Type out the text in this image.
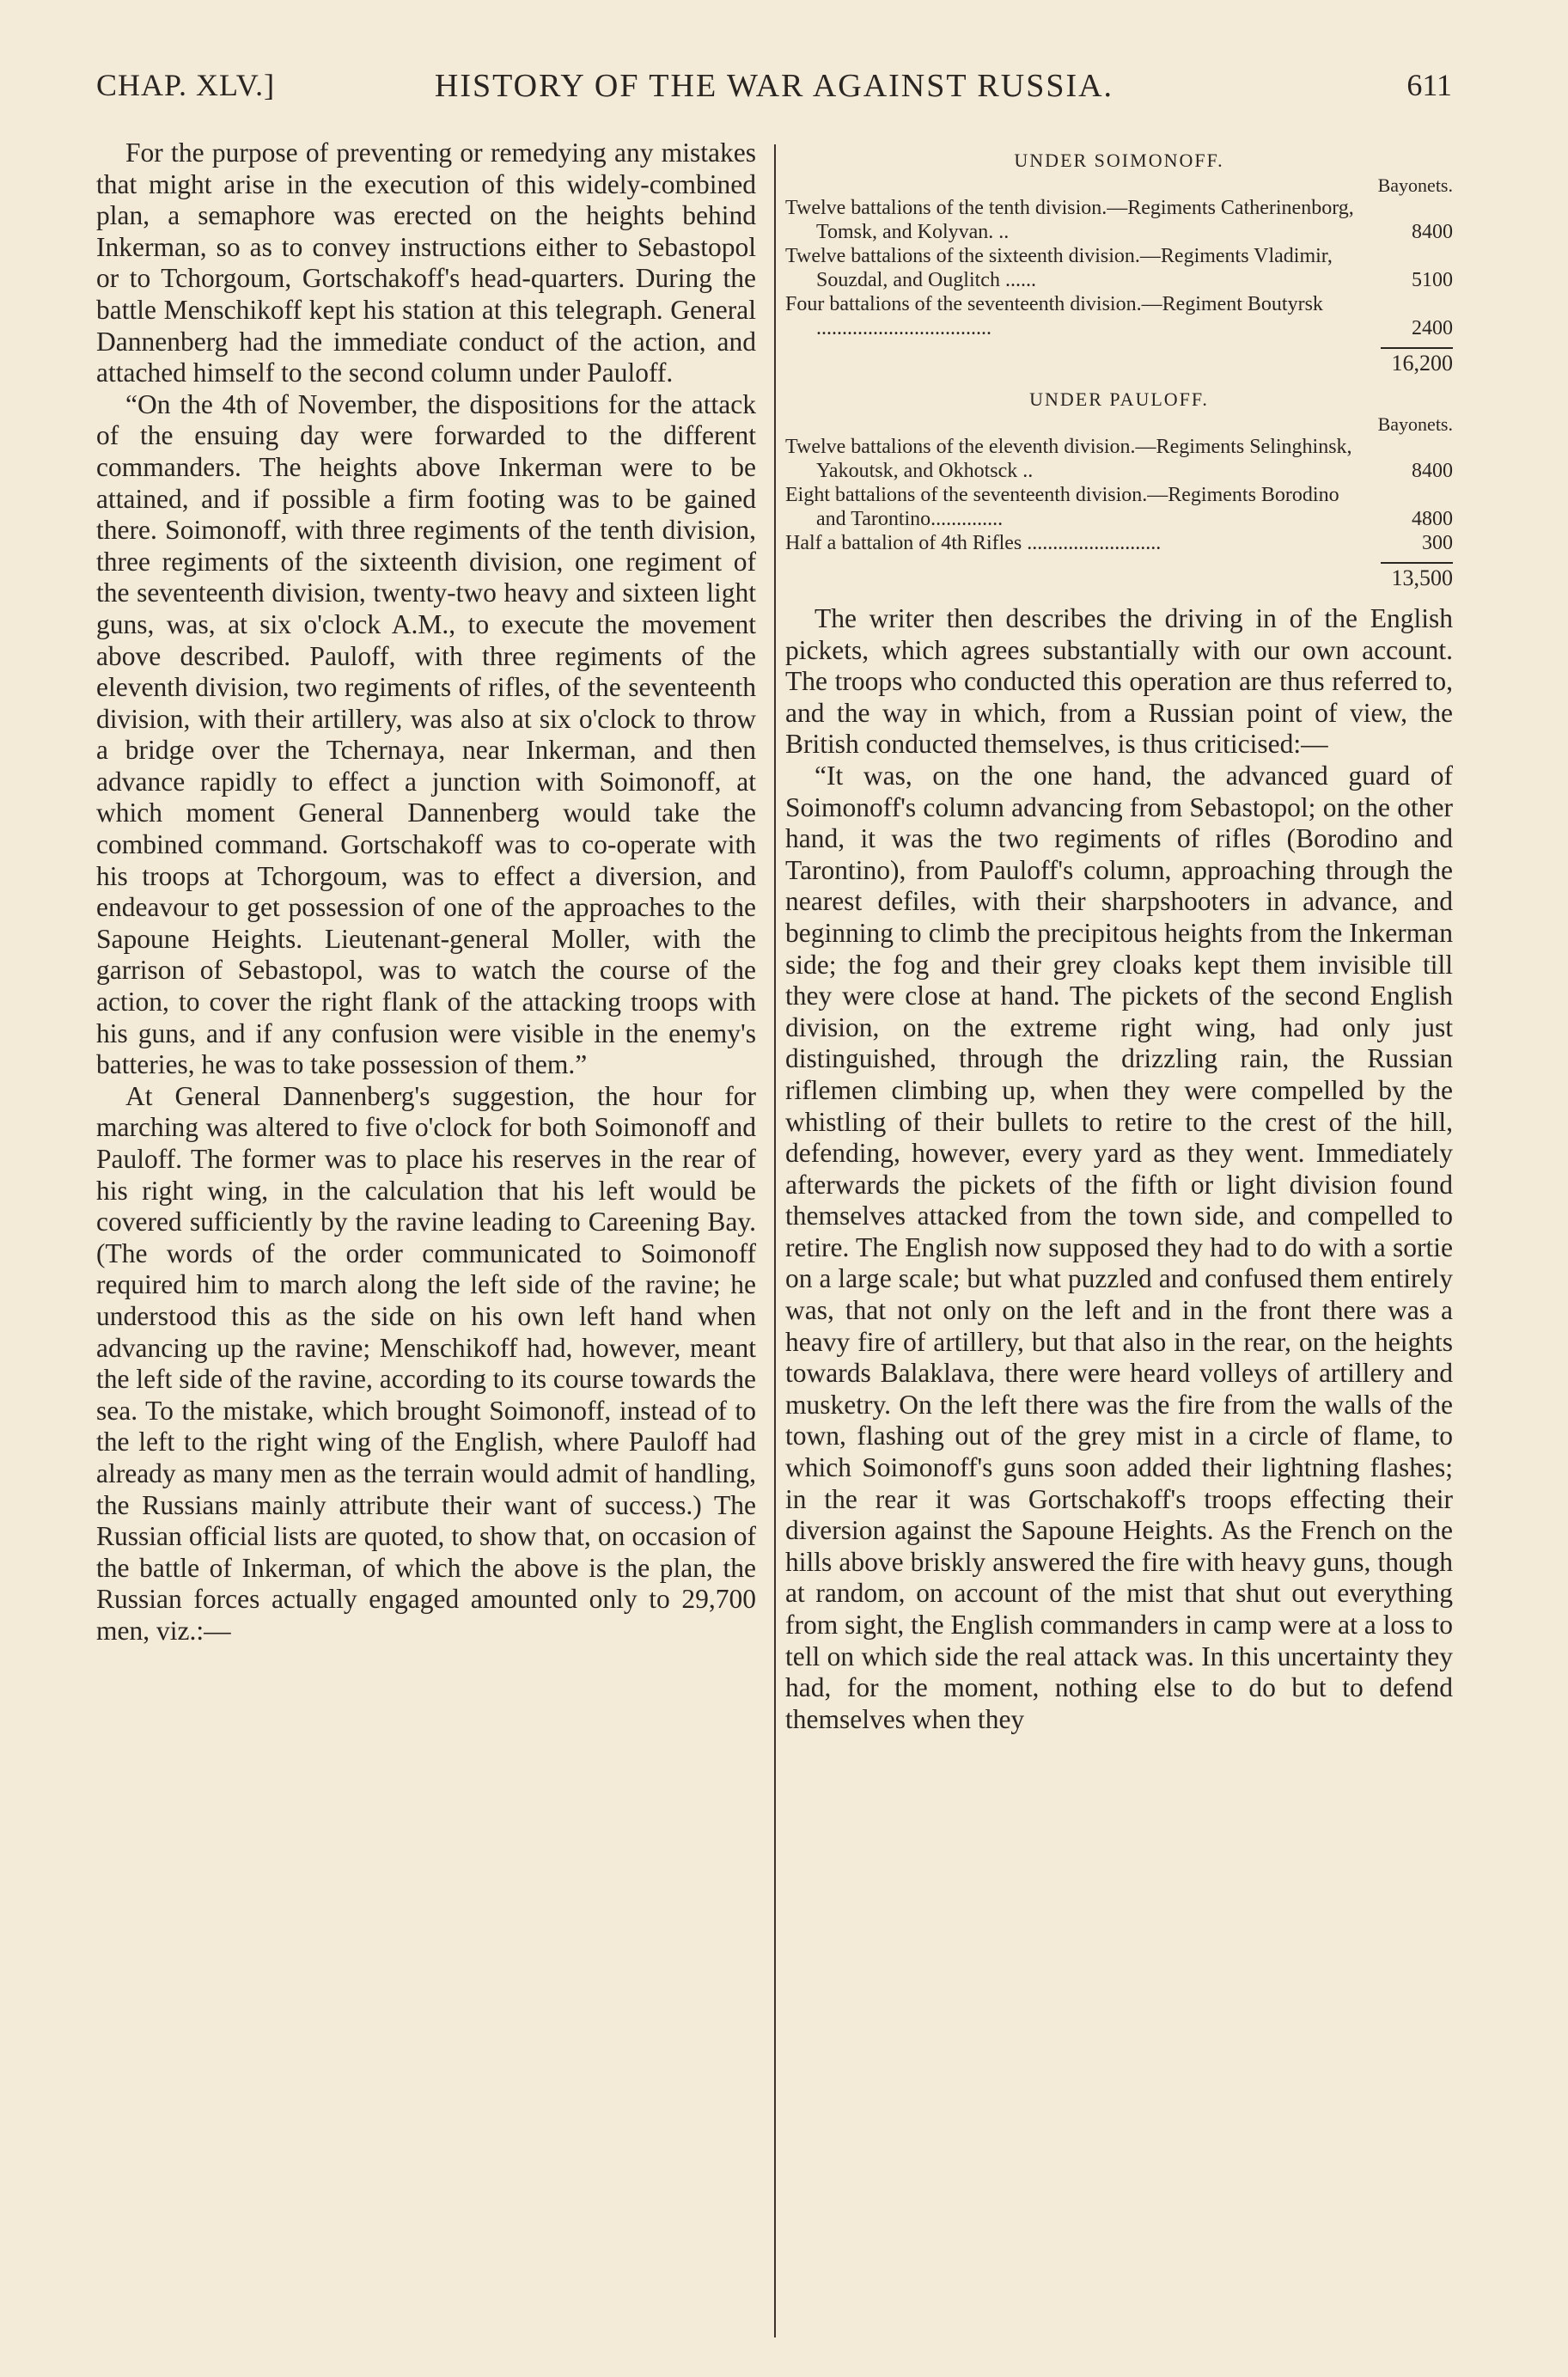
CHAP. XLV.]	HISTORY OF THE WAR AGAINST RUSSIA.	611

For the purpose of preventing or remedying any mistakes that might arise in the execution of this widely-combined plan, a semaphore was erected on the heights behind Inkerman, so as to convey instructions either to Sebastopol or to Tchorgoum, Gortschakoff's head-quarters. During the battle Menschikoff kept his station at this telegraph. General Dannenberg had the immediate conduct of the action, and attached himself to the second column under Pauloff.

“On the 4th of November, the dispositions for the attack of the ensuing day were forwarded to the different commanders. The heights above Inkerman were to be attained, and if possible a firm footing was to be gained there. Soimonoff, with three regiments of the tenth division, three regiments of the sixteenth division, one regiment of the seventeenth division, twenty-two heavy and sixteen light guns, was, at six o'clock A.M., to execute the movement above described. Pauloff, with three regiments of the eleventh division, two regiments of rifles, of the seventeenth division, with their artillery, was also at six o'clock to throw a bridge over the Tchernaya, near Inkerman, and then advance rapidly to effect a junction with Soimonoff, at which moment General Dannenberg would take the combined command. Gortschakoff was to co-operate with his troops at Tchorgoum, was to effect a diversion, and endeavour to get possession of one of the approaches to the Sapoune Heights. Lieutenant-general Moller, with the garrison of Sebastopol, was to watch the course of the action, to cover the right flank of the attacking troops with his guns, and if any confusion were visible in the enemy's batteries, he was to take possession of them.”

At General Dannenberg's suggestion, the hour for marching was altered to five o'clock for both Soimonoff and Pauloff. The former was to place his reserves in the rear of his right wing, in the calculation that his left would be covered sufficiently by the ravine leading to Careening Bay. (The words of the order communicated to Soimonoff required him to march along the left side of the ravine; he understood this as the side on his own left hand when advancing up the ravine; Menschikoff had, however, meant the left side of the ravine, according to its course towards the sea. To the mistake, which brought Soimonoff, instead of to the left to the right wing of the English, where Pauloff had already as many men as the terrain would admit of handling, the Russians mainly attribute their want of success.) The Russian official lists are quoted, to show that, on occasion of the battle of Inkerman, of which the above is the plan, the Russian forces actually engaged amounted only to 29,700 men, viz.:—

UNDER SOIMONOFF.
Bayonets.
Twelve battalions of the tenth division.—Regiments Catherinenborg, Tomsk, and Kolyvan. ..	8400
Twelve battalions of the sixteenth division.—Regiments Vladimir, Souzdal, and Ouglitch ......	5100
Four battalions of the seventeenth division.—Regiment Boutyrsk ..................................	2400
16,200
UNDER PAULOFF.
Bayonets.
Twelve battalions of the eleventh division.—Regiments Selinghinsk, Yakoutsk, and Okhotsck ..	8400
Eight battalions of the seventeenth division.—Regiments Borodino and Tarontino..............	4800
Half a battalion of 4th Rifles ..........................	300
13,500

The writer then describes the driving in of the English pickets, which agrees substantially with our own account. The troops who conducted this operation are thus referred to, and the way in which, from a Russian point of view, the British conducted themselves, is thus criticised:—

“It was, on the one hand, the advanced guard of Soimonoff's column advancing from Sebastopol; on the other hand, it was the two regiments of rifles (Borodino and Tarontino), from Pauloff's column, approaching through the nearest defiles, with their sharpshooters in advance, and beginning to climb the precipitous heights from the Inkerman side; the fog and their grey cloaks kept them invisible till they were close at hand. The pickets of the second English division, on the extreme right wing, had only just distinguished, through the drizzling rain, the Russian riflemen climbing up, when they were compelled by the whistling of their bullets to retire to the crest of the hill, defending, however, every yard as they went. Immediately afterwards the pickets of the fifth or light division found themselves attacked from the town side, and compelled to retire. The English now supposed they had to do with a sortie on a large scale; but what puzzled and confused them entirely was, that not only on the left and in the front there was a heavy fire of artillery, but that also in the rear, on the heights towards Balaklava, there were heard volleys of artillery and musketry. On the left there was the fire from the walls of the town, flashing out of the grey mist in a circle of flame, to which Soimonoff's guns soon added their lightning flashes; in the rear it was Gortschakoff's troops effecting their diversion against the Sapoune Heights. As the French on the hills above briskly answered the fire with heavy guns, though at random, on account of the mist that shut out everything from sight, the English commanders in camp were at a loss to tell on which side the real attack was. In this uncertainty they had, for the moment, nothing else to do but to defend themselves when they
